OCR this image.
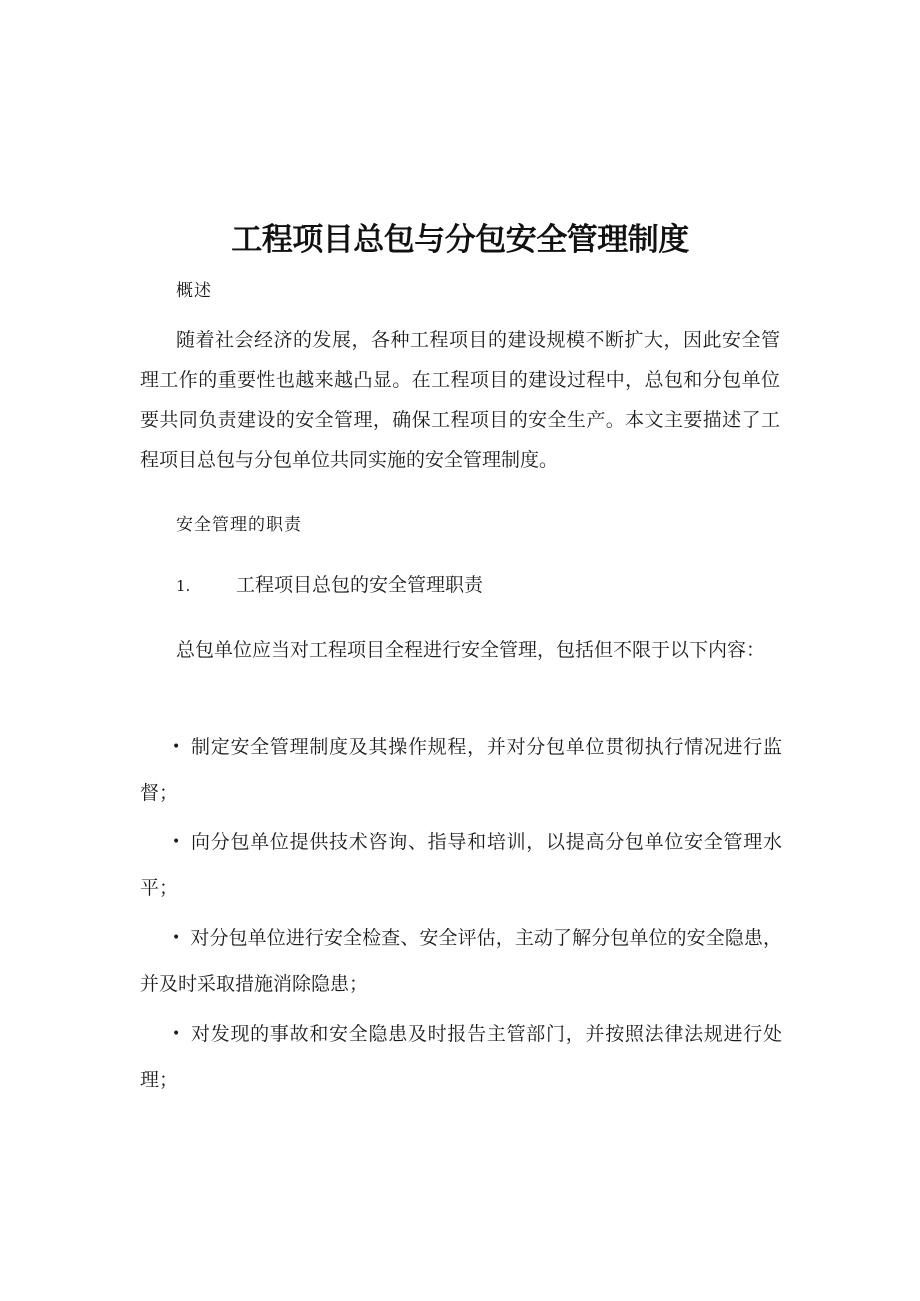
工程项目总包与分包安全管理制度

概述

随着社会经济的发展，各种工程项目的建设规模不断扩大，因此安全管理工作的重要性也越来越凸显。在工程项目的建设过程中，总包和分包单位要共同负责建设的安全管理，确保工程项目的安全生产。本文主要描述了工程项目总包与分包单位共同实施的安全管理制度。

安全管理的职责

1. 工程项目总包的安全管理职责

总包单位应当对工程项目全程进行安全管理，包括但不限于以下内容：

• 制定安全管理制度及其操作规程，并对分包单位贯彻执行情况进行监督；

• 向分包单位提供技术咨询、指导和培训，以提高分包单位安全管理水平；

• 对分包单位进行安全检查、安全评估，主动了解分包单位的安全隐患，并及时采取措施消除隐患；

• 对发现的事故和安全隐患及时报告主管部门，并按照法律法规进行处理；
